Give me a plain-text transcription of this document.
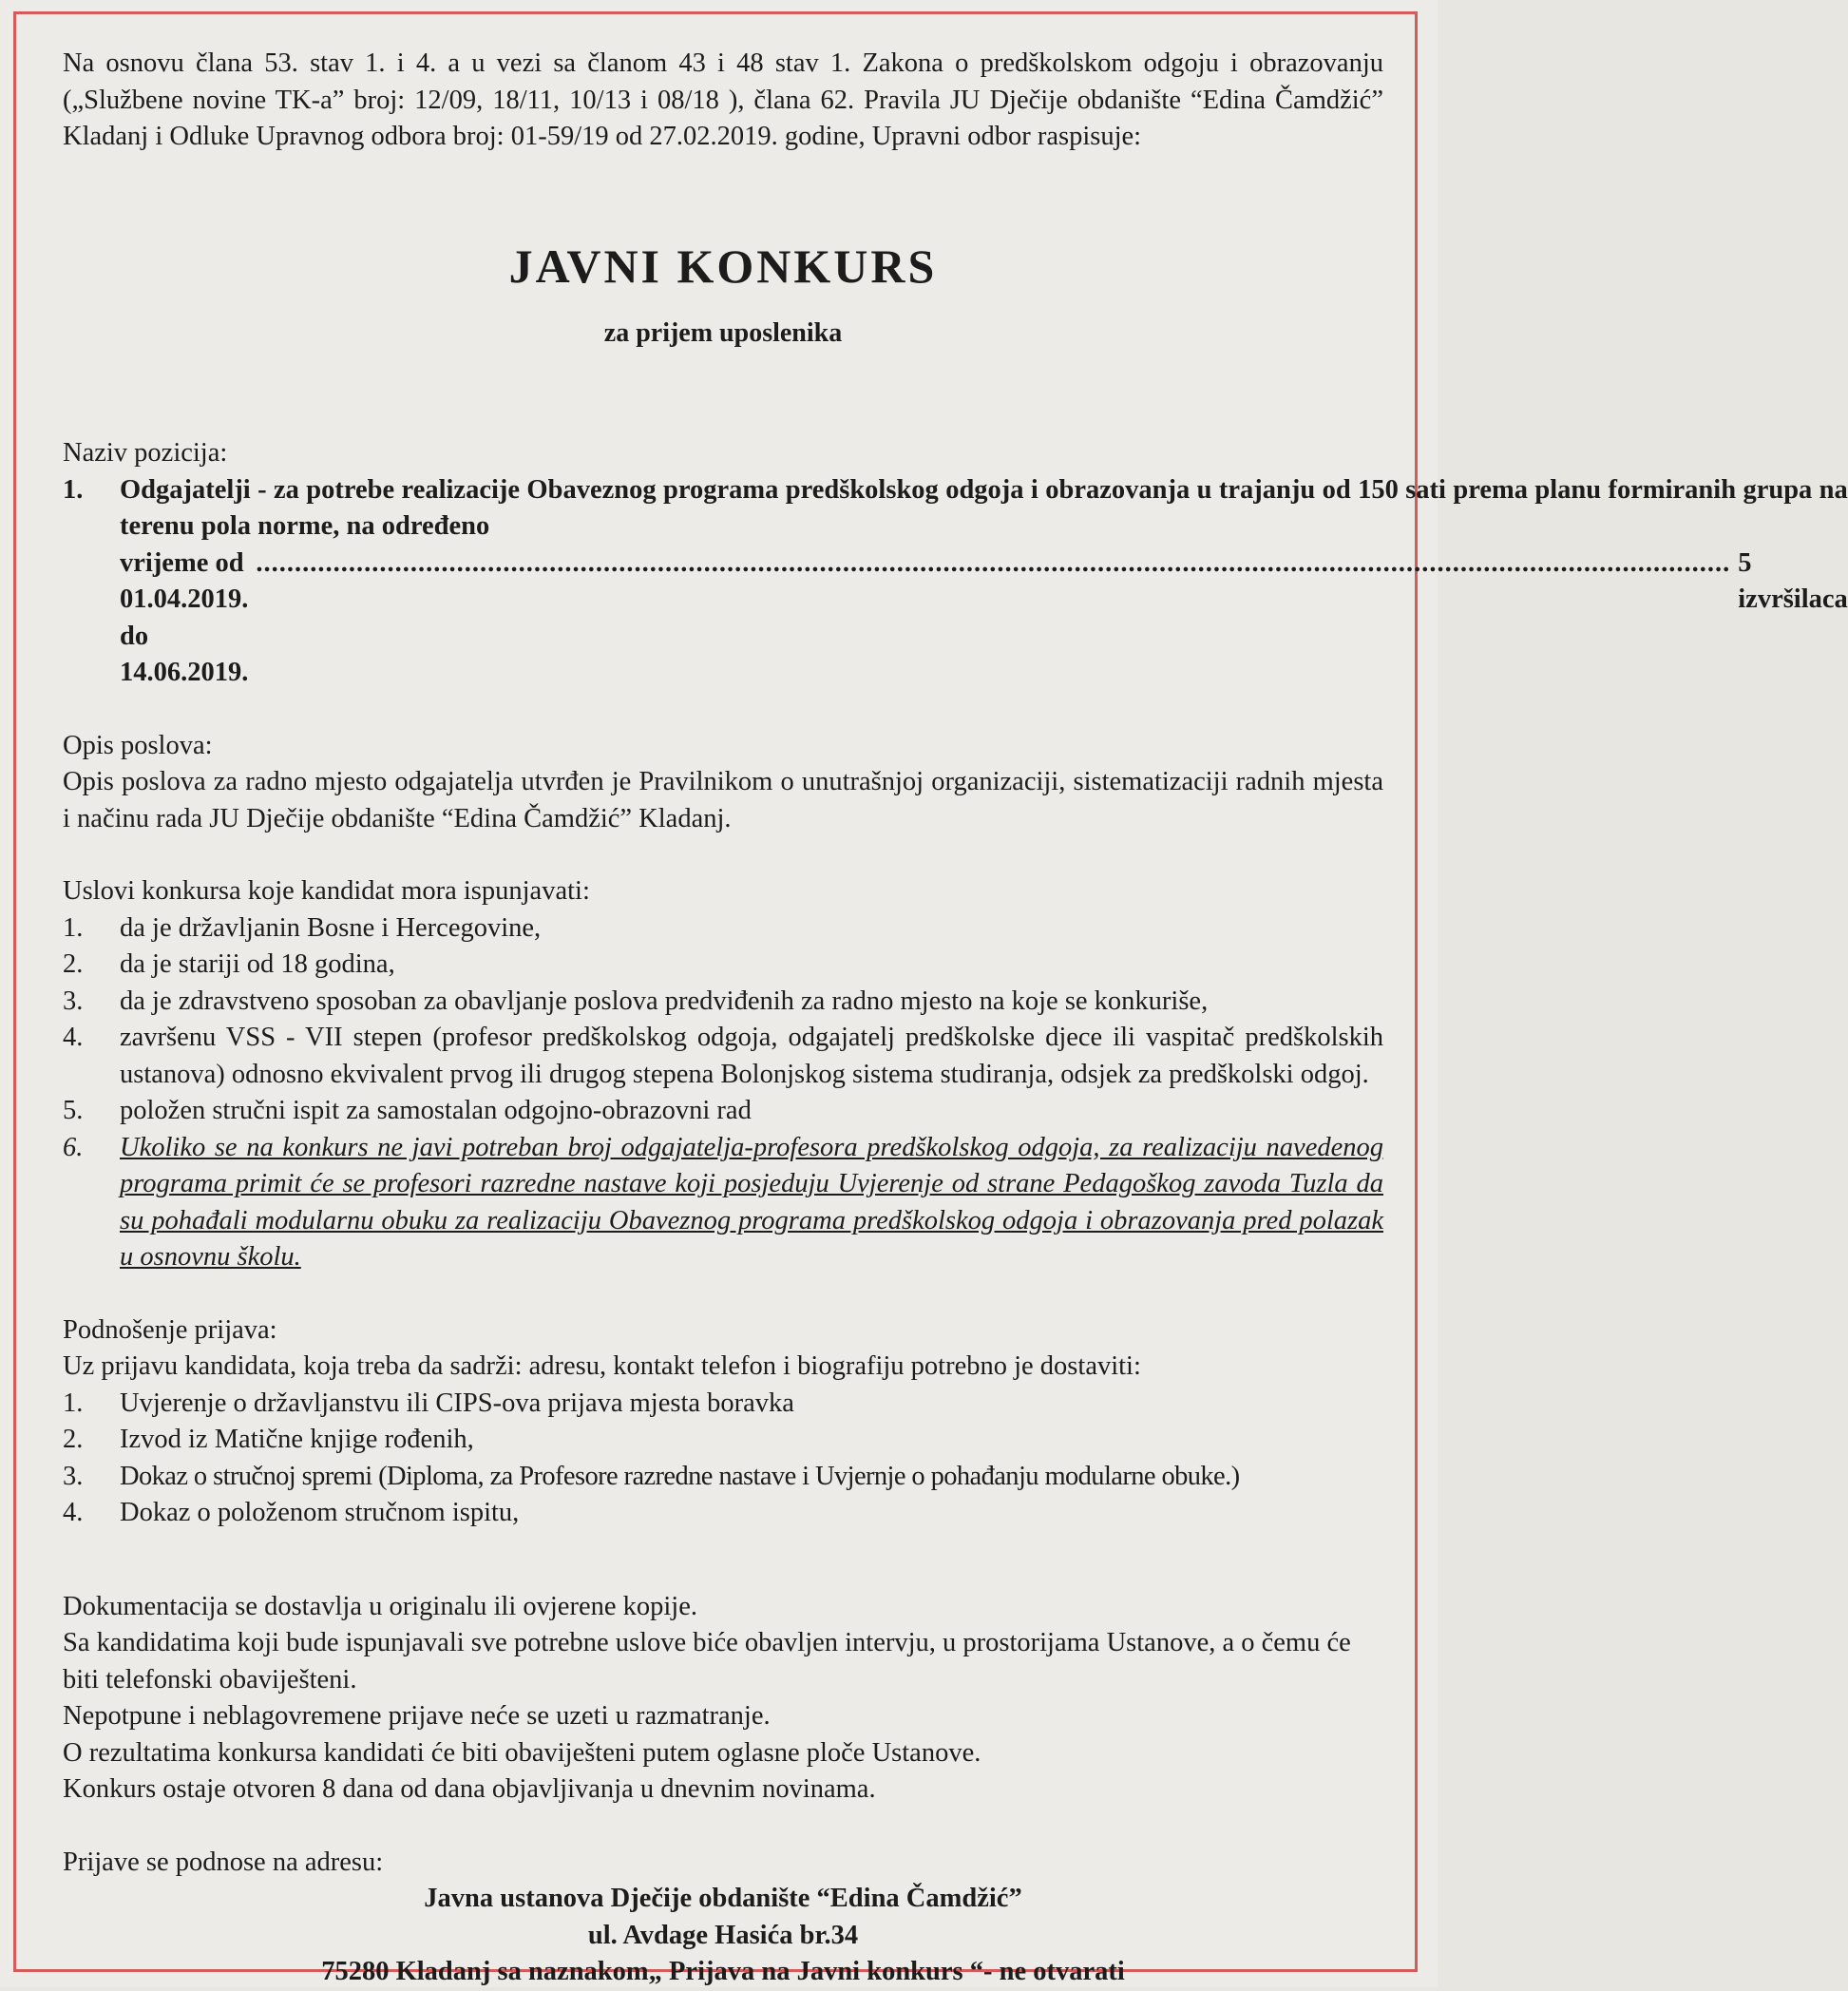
Na osnovu člana 53. stav 1. i 4. a u vezi sa članom 43 i 48 stav 1. Zakona o predškolskom odgoju i obrazovanju („Službene novine TK-a” broj: 12/09, 18/11, 10/13 i 08/18 ), člana 62. Pravila JU Dječije obdanište “Edina Čamdžić” Kladanj i Odluke Upravnog odbora broj: 01-59/19 od 27.02.2019. godine, Upravni odbor raspisuje:

JAVNI KONKURS

za prijem uposlenika

Naziv pozicija:

1.	Odgajatelji - za potrebe realizacije Obaveznog programa predškolskog odgoja i obrazovanja u trajanju od 150 sati prema planu formiranih grupa na terenu pola norme, na određeno

vrijeme od 01.04.2019. do 14.06.2019.
.....
5 izvršilaca

Opis poslova:

Opis poslova za radno mjesto odgajatelja utvrđen je Pravilnikom o unutrašnjoj organizaciji, sistematizaciji radnih mjesta i načinu rada JU Dječije obdanište “Edina Čamdžić” Kladanj.

Uslovi konkursa koje kandidat mora ispunjavati:

1.	da je državljanin Bosne i Hercegovine,
2.	da je stariji od 18 godina,
3.	da je zdravstveno sposoban za obavljanje poslova predviđenih za radno mjesto na koje se konkuriše,
4.	završenu VSS - VII stepen (profesor predškolskog odgoja, odgajatelj predškolske djece ili vaspitač predškolskih ustanova) odnosno ekvivalent prvog ili drugog stepena Bolonjskog sistema studiranja, odsjek za predškolski odgoj.
5.	položen stručni ispit za samostalan odgojno-obrazovni rad
6.	Ukoliko se na konkurs ne javi potreban broj odgajatelja-profesora predškolskog odgoja, za realizaciju navedenog programa primit će se profesori razredne nastave koji posjeduju Uvjerenje od strane Pedagoškog zavoda Tuzla da su pohađali modularnu obuku za realizaciju Obaveznog programa predškolskog odgoja i obrazovanja pred polazak u osnovnu školu.

Podnošenje prijava:

Uz prijavu kandidata, koja treba da sadrži: adresu, kontakt telefon i biografiju potrebno je dostaviti:

1.	Uvjerenje o državljanstvu ili CIPS-ova prijava mjesta boravka
2.	Izvod iz Matične knjige rođenih,
3.	Dokaz o stručnoj spremi (Diploma, za Profesore razredne nastave i Uvjernje o pohađanju modularne obuke.)
4.	Dokaz o položenom stručnom ispitu,

Dokumentacija se dostavlja u originalu ili ovjerene kopije.

Sa kandidatima koji bude ispunjavali sve potrebne uslove biće obavljen intervju, u prostorijama Ustanove, a o čemu će biti telefonski obaviješteni.

Nepotpune i neblagovremene prijave neće se uzeti u razmatranje.

O rezultatima konkursa kandidati će biti obaviješteni putem oglasne ploče Ustanove.

Konkurs ostaje otvoren 8 dana od dana objavljivanja u dnevnim novinama.

Prijave se podnose na adresu:

Javna ustanova Dječije obdanište “Edina Čamdžić”

ul. Avdage Hasića br.34

75280 Kladanj sa naznakom„ Prijava na Javni konkurs “- ne otvarati
